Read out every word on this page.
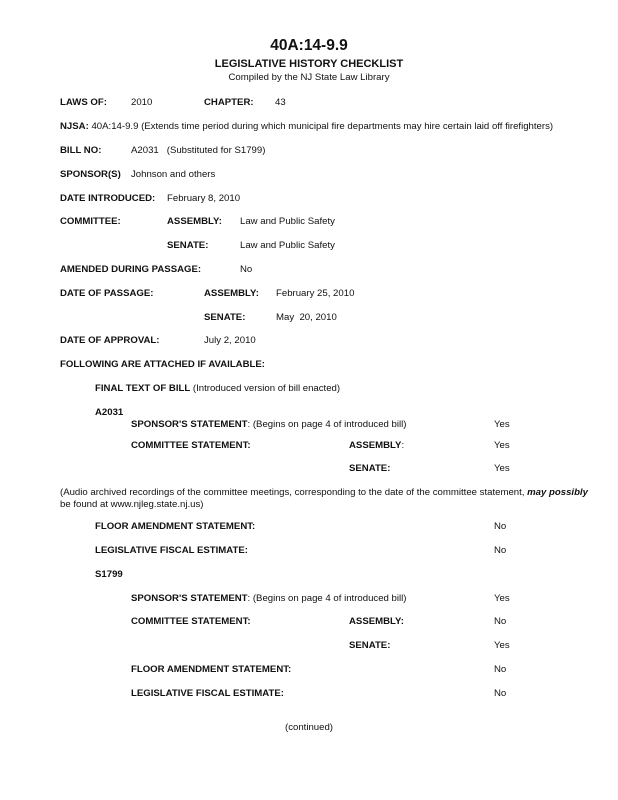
40A:14-9.9
LEGISLATIVE HISTORY CHECKLIST
Compiled by the NJ State Law Library
LAWS OF:	2010	CHAPTER: 43
NJSA: 40A:14-9.9 (Extends time period during which municipal fire departments may hire certain laid off firefighters)
BILL NO:	A2031 (Substituted for S1799)
SPONSOR(S) Johnson and others
DATE INTRODUCED: February 8, 2010
COMMITTEE:	ASSEMBLY: Law and Public Safety
SENATE:	Law and Public Safety
AMENDED DURING PASSAGE:	No
DATE OF PASSAGE:	ASSEMBLY: February 25, 2010
SENATE:	May  20, 2010
DATE OF APPROVAL:	July 2, 2010
FOLLOWING ARE ATTACHED IF AVAILABLE:
FINAL TEXT OF BILL (Introduced version of bill enacted)
A2031
SPONSOR'S STATEMENT: (Begins on page 4 of introduced bill)	Yes
COMMITTEE STATEMENT:	ASSEMBLY:	Yes
SENATE:	Yes
(Audio archived recordings of the committee meetings, corresponding to the date of the committee statement, may possibly
be found at www.njleg.state.nj.us)
FLOOR AMENDMENT STATEMENT:	No
LEGISLATIVE FISCAL ESTIMATE:	No
S1799
SPONSOR'S STATEMENT: (Begins on page 4 of introduced bill)	Yes
COMMITTEE STATEMENT:	ASSEMBLY:	No
SENATE:	Yes
FLOOR AMENDMENT STATEMENT:	No
LEGISLATIVE FISCAL ESTIMATE:	No
(continued)
